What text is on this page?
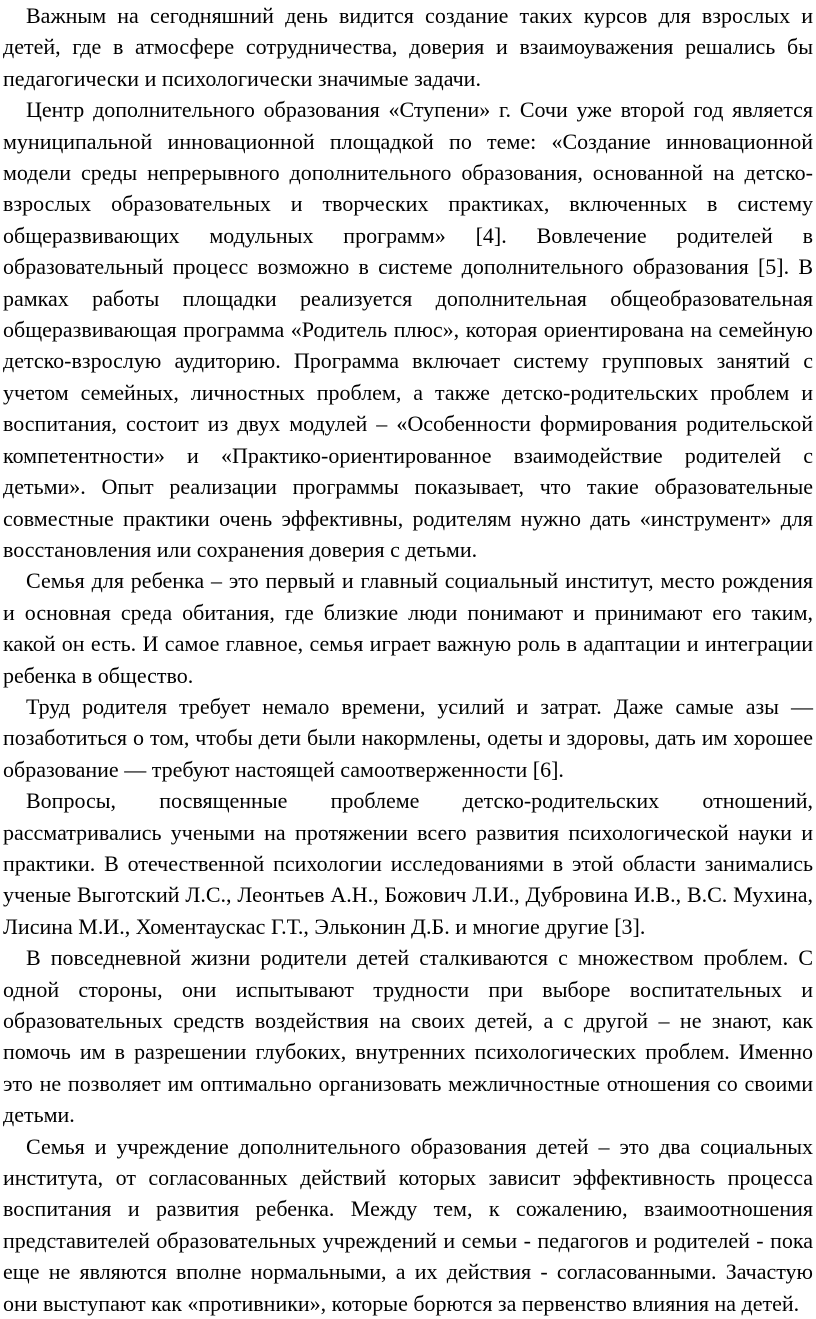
Важным на сегодняшний день видится создание таких курсов для взрослых и детей, где в атмосфере сотрудничества, доверия и взаимоуважения решались бы педагогически и психологически значимые задачи.

Центр дополнительного образования «Ступени» г. Сочи уже второй год является муниципальной инновационной площадкой по теме: «Создание инновационной модели среды непрерывного дополнительного образования, основанной на детско-взрослых образовательных и творческих практиках, включенных в систему общеразвивающих модульных программ» [4]. Вовлечение родителей в образовательный процесс возможно в системе дополнительного образования [5]. В рамках работы площадки реализуется дополнительная общеобразовательная общеразвивающая программа «Родитель плюс», которая ориентирована на семейную детско-взрослую аудиторию. Программа включает систему групповых занятий с учетом семейных, личностных проблем, а также детско-родительских проблем и воспитания, состоит из двух модулей – «Особенности формирования родительской компетентности» и «Практико-ориентированное взаимодействие родителей с детьми». Опыт реализации программы показывает, что такие образовательные совместные практики очень эффективны, родителям нужно дать «инструмент» для восстановления или сохранения доверия с детьми.

Семья для ребенка – это первый и главный социальный институт, место рождения и основная среда обитания, где близкие люди понимают и принимают его таким, какой он есть. И самое главное, семья играет важную роль в адаптации и интеграции ребенка в общество.

Труд родителя требует немало времени, усилий и затрат. Даже самые азы — позаботиться о том, чтобы дети были накормлены, одеты и здоровы, дать им хорошее образование — требуют настоящей самоотверженности [6].

Вопросы, посвященные проблеме детско-родительских отношений, рассматривались учеными на протяжении всего развития психологической науки и практики. В отечественной психологии исследованиями в этой области занимались ученые Выготский Л.С., Леонтьев А.Н., Божович Л.И., Дубровина И.В., В.С. Мухина, Лисина М.И., Хоментаускас Г.Т., Эльконин Д.Б. и многие другие [3].

В повседневной жизни родители детей сталкиваются с множеством проблем. С одной стороны, они испытывают трудности при выборе воспитательных и образовательных средств воздействия на своих детей, а с другой – не знают, как помочь им в разрешении глубоких, внутренних психологических проблем. Именно это не позволяет им оптимально организовать межличностные отношения со своими детьми.

Семья и учреждение дополнительного образования детей – это два социальных института, от согласованных действий которых зависит эффективность процесса воспитания и развития ребенка. Между тем, к сожалению, взаимоотношения представителей образовательных учреждений и семьи - педагогов и родителей - пока еще не являются вполне нормальными, а их действия - согласованными. Зачастую они выступают как «противники», которые борются за первенство влияния на детей.
